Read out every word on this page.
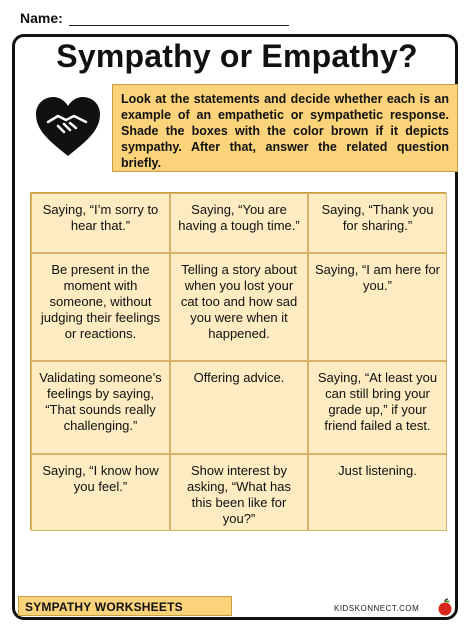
Name:
Sympathy or Empathy?
Look at the statements and decide whether each is an example of an empathetic or sympathetic response. Shade the boxes with the color brown if it depicts sympathy. After that, answer the related question briefly.
Saying, “I’m sorry to hear that.”
Saying, “You are having a tough time.”
Saying, “Thank you for sharing.”
Be present in the moment with someone, without judging their feelings or reactions.
Telling a story about when you lost your cat too and how sad you were when it happened.
Saying, “I am here for you.”
Validating someone’s feelings by saying, “That sounds really challenging.”
Offering advice.	Saying, “At least you can still bring your grade up,” if your friend failed a test.
Saying, “I know how you feel.”
Show interest by asking, “What has this been like for you?”
Just listening.
SYMPATHY WORKSHEETS	KIDSKONNECT.COM
